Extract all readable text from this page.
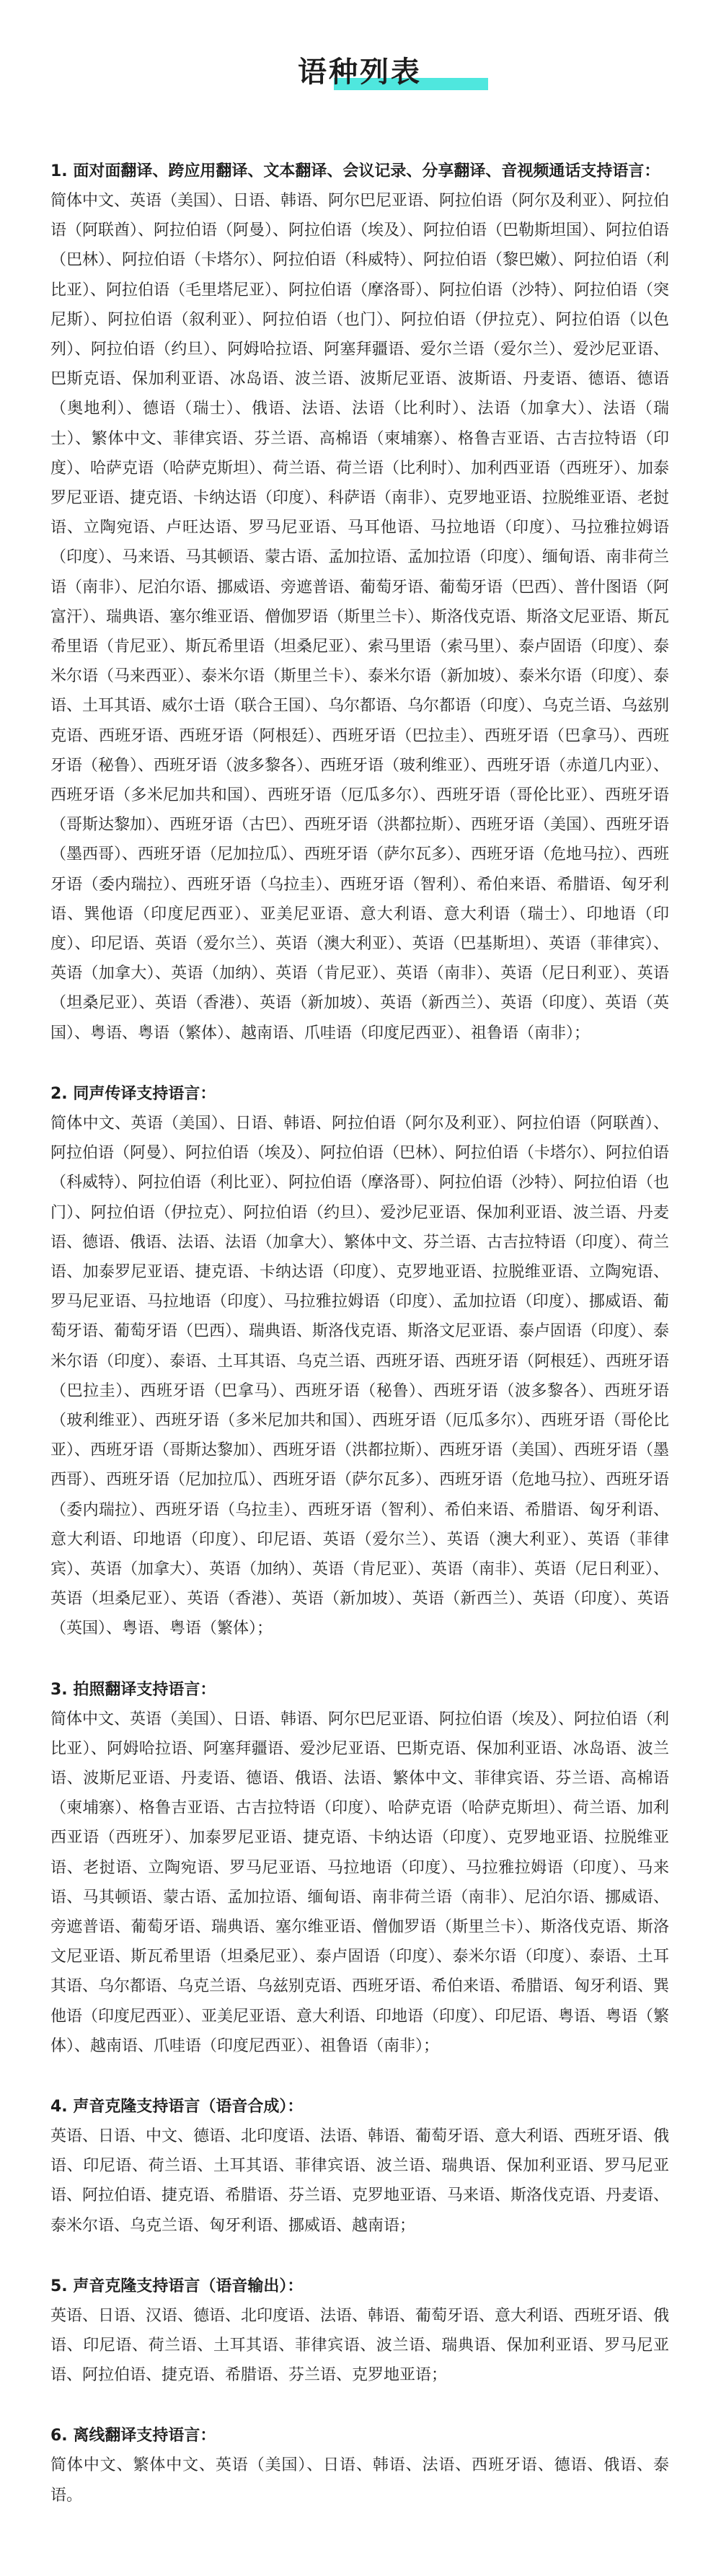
语种列表

1. 面对面翻译、跨应用翻译、文本翻译、会议记录、分享翻译、音视频通话支持语言：

简体中文、英语（美国）、日语、韩语、阿尔巴尼亚语、阿拉伯语（阿尔及利亚）、阿拉伯语（阿联酋）、阿拉伯语（阿曼）、阿拉伯语（埃及）、阿拉伯语（巴勒斯坦国）、阿拉伯语（巴林）、阿拉伯语（卡塔尔）、阿拉伯语（科威特）、阿拉伯语（黎巴嫩）、阿拉伯语（利比亚）、阿拉伯语（毛里塔尼亚）、阿拉伯语（摩洛哥）、阿拉伯语（沙特）、阿拉伯语（突尼斯）、阿拉伯语（叙利亚）、阿拉伯语（也门）、阿拉伯语（伊拉克）、阿拉伯语（以色列）、阿拉伯语（约旦）、阿姆哈拉语、阿塞拜疆语、爱尔兰语（爱尔兰）、爱沙尼亚语、巴斯克语、保加利亚语、冰岛语、波兰语、波斯尼亚语、波斯语、丹麦语、德语、德语（奥地利）、德语（瑞士）、俄语、法语、法语（比利时）、法语（加拿大）、法语（瑞士）、繁体中文、菲律宾语、芬兰语、高棉语（柬埔寨）、格鲁吉亚语、古吉拉特语（印度）、哈萨克语（哈萨克斯坦）、荷兰语、荷兰语（比利时）、加利西亚语（西班牙）、加泰罗尼亚语、捷克语、卡纳达语（印度）、科萨语（南非）、克罗地亚语、拉脱维亚语、老挝语、立陶宛语、卢旺达语、罗马尼亚语、马耳他语、马拉地语（印度）、马拉雅拉姆语（印度）、马来语、马其顿语、蒙古语、孟加拉语、孟加拉语（印度）、缅甸语、南非荷兰语（南非）、尼泊尔语、挪威语、旁遮普语、葡萄牙语、葡萄牙语（巴西）、普什图语（阿富汗）、瑞典语、塞尔维亚语、僧伽罗语（斯里兰卡）、斯洛伐克语、斯洛文尼亚语、斯瓦希里语（肯尼亚）、斯瓦希里语（坦桑尼亚）、索马里语（索马里）、泰卢固语（印度）、泰米尔语（马来西亚）、泰米尔语（斯里兰卡）、泰米尔语（新加坡）、泰米尔语（印度）、泰语、土耳其语、威尔士语（联合王国）、乌尔都语、乌尔都语（印度）、乌克兰语、乌兹别克语、西班牙语、西班牙语（阿根廷）、西班牙语（巴拉圭）、西班牙语（巴拿马）、西班牙语（秘鲁）、西班牙语（波多黎各）、西班牙语（玻利维亚）、西班牙语（赤道几内亚）、西班牙语（多米尼加共和国）、西班牙语（厄瓜多尔）、西班牙语（哥伦比亚）、西班牙语（哥斯达黎加）、西班牙语（古巴）、西班牙语（洪都拉斯）、西班牙语（美国）、西班牙语（墨西哥）、西班牙语（尼加拉瓜）、西班牙语（萨尔瓦多）、西班牙语（危地马拉）、西班牙语（委内瑞拉）、西班牙语（乌拉圭）、西班牙语（智利）、希伯来语、希腊语、匈牙利语、巽他语（印度尼西亚）、亚美尼亚语、意大利语、意大利语（瑞士）、印地语（印度）、印尼语、英语（爱尔兰）、英语（澳大利亚）、英语（巴基斯坦）、英语（菲律宾）、英语（加拿大）、英语（加纳）、英语（肯尼亚）、英语（南非）、英语（尼日利亚）、英语（坦桑尼亚）、英语（香港）、英语（新加坡）、英语（新西兰）、英语（印度）、英语（英国）、粤语、粤语（繁体）、越南语、爪哇语（印度尼西亚）、祖鲁语（南非）；

2. 同声传译支持语言：

简体中文、英语（美国）、日语、韩语、阿拉伯语（阿尔及利亚）、阿拉伯语（阿联酋）、阿拉伯语（阿曼）、阿拉伯语（埃及）、阿拉伯语（巴林）、阿拉伯语（卡塔尔）、阿拉伯语（科威特）、阿拉伯语（利比亚）、阿拉伯语（摩洛哥）、阿拉伯语（沙特）、阿拉伯语（也门）、阿拉伯语（伊拉克）、阿拉伯语（约旦）、爱沙尼亚语、保加利亚语、波兰语、丹麦语、德语、俄语、法语、法语（加拿大）、繁体中文、芬兰语、古吉拉特语（印度）、荷兰语、加泰罗尼亚语、捷克语、卡纳达语（印度）、克罗地亚语、拉脱维亚语、立陶宛语、罗马尼亚语、马拉地语（印度）、马拉雅拉姆语（印度）、孟加拉语（印度）、挪威语、葡萄牙语、葡萄牙语（巴西）、瑞典语、斯洛伐克语、斯洛文尼亚语、泰卢固语（印度）、泰米尔语（印度）、泰语、土耳其语、乌克兰语、西班牙语、西班牙语（阿根廷）、西班牙语（巴拉圭）、西班牙语（巴拿马）、西班牙语（秘鲁）、西班牙语（波多黎各）、西班牙语（玻利维亚）、西班牙语（多米尼加共和国）、西班牙语（厄瓜多尔）、西班牙语（哥伦比亚）、西班牙语（哥斯达黎加）、西班牙语（洪都拉斯）、西班牙语（美国）、西班牙语（墨西哥）、西班牙语（尼加拉瓜）、西班牙语（萨尔瓦多）、西班牙语（危地马拉）、西班牙语（委内瑞拉）、西班牙语（乌拉圭）、西班牙语（智利）、希伯来语、希腊语、匈牙利语、意大利语、印地语（印度）、印尼语、英语（爱尔兰）、英语（澳大利亚）、英语（菲律宾）、英语（加拿大）、英语（加纳）、英语（肯尼亚）、英语（南非）、英语（尼日利亚）、英语（坦桑尼亚）、英语（香港）、英语（新加坡）、英语（新西兰）、英语（印度）、英语（英国）、粤语、粤语（繁体）；

3. 拍照翻译支持语言：

简体中文、英语（美国）、日语、韩语、阿尔巴尼亚语、阿拉伯语（埃及）、阿拉伯语（利比亚）、阿姆哈拉语、阿塞拜疆语、爱沙尼亚语、巴斯克语、保加利亚语、冰岛语、波兰语、波斯尼亚语、丹麦语、德语、俄语、法语、繁体中文、菲律宾语、芬兰语、高棉语（柬埔寨）、格鲁吉亚语、古吉拉特语（印度）、哈萨克语（哈萨克斯坦）、荷兰语、加利西亚语（西班牙）、加泰罗尼亚语、捷克语、卡纳达语（印度）、克罗地亚语、拉脱维亚语、老挝语、立陶宛语、罗马尼亚语、马拉地语（印度）、马拉雅拉姆语（印度）、马来语、马其顿语、蒙古语、孟加拉语、缅甸语、南非荷兰语（南非）、尼泊尔语、挪威语、旁遮普语、葡萄牙语、瑞典语、塞尔维亚语、僧伽罗语（斯里兰卡）、斯洛伐克语、斯洛文尼亚语、斯瓦希里语（坦桑尼亚）、泰卢固语（印度）、泰米尔语（印度）、泰语、土耳其语、乌尔都语、乌克兰语、乌兹别克语、西班牙语、希伯来语、希腊语、匈牙利语、巽他语（印度尼西亚）、亚美尼亚语、意大利语、印地语（印度）、印尼语、粤语、粤语（繁体）、越南语、爪哇语（印度尼西亚）、祖鲁语（南非）；

4. 声音克隆支持语言（语音合成）：

英语、日语、中文、德语、北印度语、法语、韩语、葡萄牙语、意大利语、西班牙语、俄语、印尼语、荷兰语、土耳其语、菲律宾语、波兰语、瑞典语、保加利亚语、罗马尼亚语、阿拉伯语、捷克语、希腊语、芬兰语、克罗地亚语、马来语、斯洛伐克语、丹麦语、泰米尔语、乌克兰语、匈牙利语、挪威语、越南语；

5. 声音克隆支持语言（语音输出）：

英语、日语、汉语、德语、北印度语、法语、韩语、葡萄牙语、意大利语、西班牙语、俄语、印尼语、荷兰语、土耳其语、菲律宾语、波兰语、瑞典语、保加利亚语、罗马尼亚语、阿拉伯语、捷克语、希腊语、芬兰语、克罗地亚语；

6. 离线翻译支持语言：

简体中文、繁体中文、英语（美国）、日语、韩语、法语、西班牙语、德语、俄语、泰语。
